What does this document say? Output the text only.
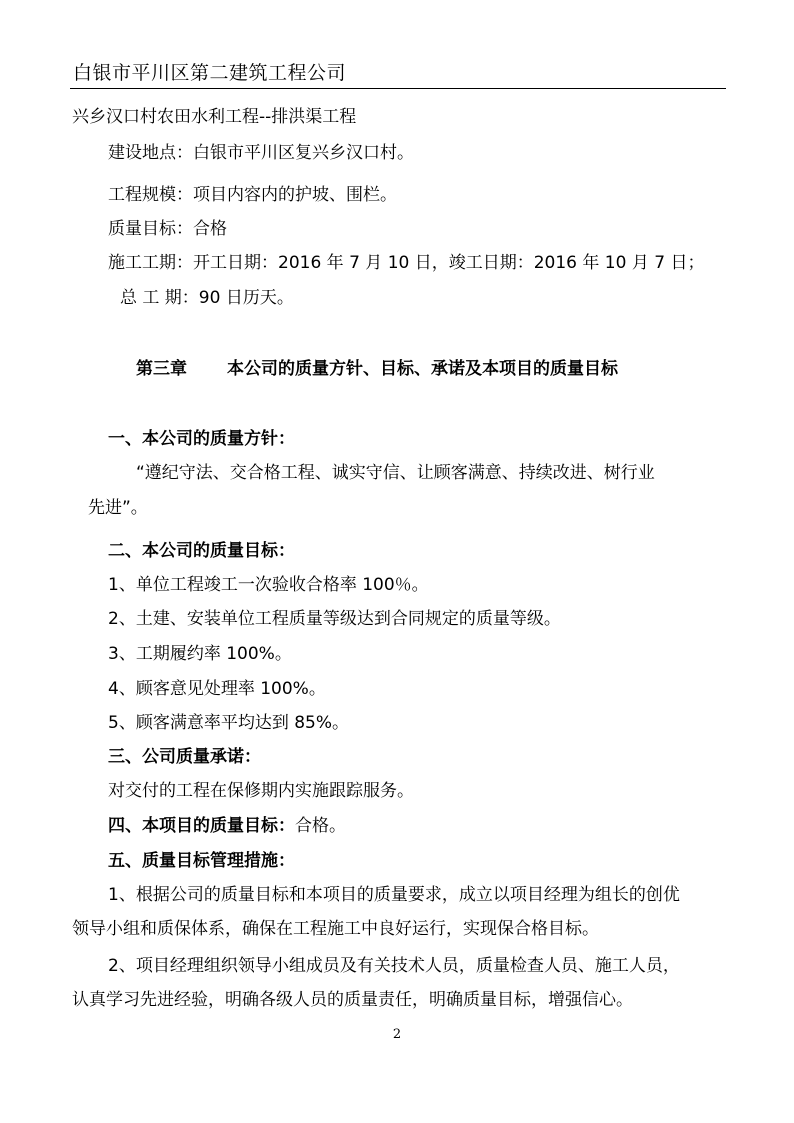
白银市平川区第二建筑工程公司
兴乡汉口村农田水利工程--排洪渠工程
建设地点：白银市平川区复兴乡汉口村。
工程规模：项目内容内的护坡、围栏。
质量目标：合格
施工工期：开工日期：2016 年 7 月 10 日，竣工日期：2016 年 10 月 7 日；
总 工 期：90 日历天。
第三章 本公司的质量方针、目标、承诺及本项目的质量目标
一、本公司的质量方针：
“遵纪守法、交合格工程、诚实守信、让顾客满意、持续改进、树行业
先进”。
二、本公司的质量目标：
1、单位工程竣工一次验收合格率 100％。
2、土建、安装单位工程质量等级达到合同规定的质量等级。
3、工期履约率 100%。
4、顾客意见处理率 100%。
5、顾客满意率平均达到 85%。
三、公司质量承诺：
对交付的工程在保修期内实施跟踪服务。
四、本项目的质量目标：合格。
五、质量目标管理措施：
1、根据公司的质量目标和本项目的质量要求，成立以项目经理为组长的创优
领导小组和质保体系，确保在工程施工中良好运行，实现保合格目标。
2、项目经理组织领导小组成员及有关技术人员，质量检查人员、施工人员，
认真学习先进经验，明确各级人员的质量责任，明确质量目标，增强信心。
2
